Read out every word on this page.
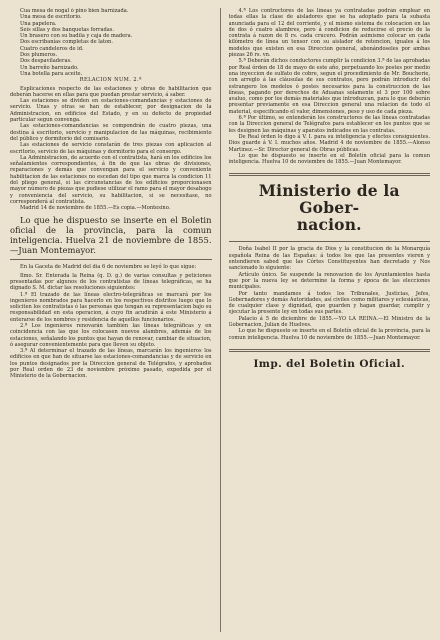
Cua mesa de nogal ó pino bien barnizada.
Una mesa de escritorio.
Una papelera.
Seis sillas y dos banquetas forradas.
Un brasero con su badila y caja de madera.
Dos escribanías completas de laton.
Cuatro candeleros de id.
Dos plumeros.
Dos despaviladeras.
Un barreño barnizado.
Una botella para aceite.

RELACION NUM. 2.ª

Esplicaciones respecto de las estaciones y obras de habilitacion que deberán hacerse en ellas para que puedan prestar servicio, á saber.

Las estaciones se dividen en estaciones-comandancias y estaciones de servicio. Unas y otras se han de establecer, por designacion de la Administracion, en edificios del Estado, y en su defecto de propiedad particular segun convenga.

Las estaciones-comandancias se compondrán de cuatro piezas, una destina á escritorio, servicio y manipulacion de las máquinas, recibimiento del público y dormitorio del comisario.

Las estaciones de servicio constarán de tres piezas con aplicacion al escritorio, servicio de las máquinas y dormitorio para el consergo.

La Administracion, de acuerdo con el contratista, hará en los edificios los señalamientos correspondientes, á fin de que las obras de divisiones, reparaciones y demás que convengan para el servicio y conveniente habilitacion de las estaciones no escedan del tipo que marca la condicion 11 del pliego general, si las circunstancias de los edificios proporcionasen mayor número de piezas que pudiese utilizar el ramo para el mayor desahogo y conveniencia del servicio, su habilitacion, si se necesitase, no corresponderá al contratista.

Madrid 14 de noviembre de 1855.—Es copia.—Montesino.

Lo que he dispuesto se inserte en el Boletin oficial de la provincia, para la comun inteligencia. Huelva 21 de noviembre de 1855.—Juan Montemayor.

En la Gaceta de Madrid del dia 6 de noviembre se leyó lo que sigue:

Ilmo. Sr. Enterada la Reina (q. D. g.) de varias consultas y peticiones presentadas por algunos de los contratistas de líneas telegráficas, se ha dignado S. M. dictar las resoluciones siguientes:

1.ª El trazado de las líneas electro-telegráficas se marcará por los ingenieros nombrados para hacerlo en los respectivos distritos luego que lo soliciten los contratistas ó las personas que tengan su representacion bajo su responsabilidad en esta operacion, á cuyo fin acudirán á este Ministerio á enterarse de los nombres y residencia de aquellos funcionarios.

2.ª Los ingenieros renovarán también las líneas telegráficas y en coincidencia con las que los colocasen nuevos alambres, además de los estaciones, señalando los puntos que hayan de renovar, cambiar de situacion, ó asegurar convenientemente para que lleven su objeto.

3.ª Al determinar el trazado de las líneas, marcarán los ingenieros los edificios en que han de situarse las estaciones-comandancias y de servicio en los puntos designados por la Direccion general de Telégrafos, y aprobados por Real orden de 23 de noviembre próximo pasado, expedida por el Ministerio de la Gobernacion.

4.ª Los contructores de las líneas ya contratadas podrán emplear en todas ellas la clase de aisladores que se ha adoptado para la subasta anunciada para el 12 del corriente, y el mismo sistema de colocacion en las de dos ó cuatro alambres, pero á condicion de reducirse el precio de la contrata á razon de 8 rs. cada crucero. Podrán asimismo colocar en cada kilómetro de línea un tensor con su aislador de retencion, iguales á los modelos que existen en esa Direccion general, abonándoseles por ambas piezas 26 rs. vn.

5.ª Deberán dichos conductores cumplir la condicion 3.ª de las aprobadas por Real órden de 18 de mayo de este año, perpetuando los postes por medio una inyeccion de sulfato de cobre, segun el procedimiento de Mr. Boucherie, con arreglo á las cláusulas de sus contratos, pero podrán introducir del estrangero los modelos ó postes necesarios para la construccion de las líneas, pagando por derechos de Aduanas solamente el 3 por 100 sobre avaluo, como por los demás materiales que introduzcan, para lo que deberán presentar previamente en esa Direccion general una relacion de todo el material, especificando el valor, dimensiones, peso y uso de cada pieza.

6.ª Por último, se entenderán los constructores de las líneas contratadas con la Direccion general de Telégrafos para establecer en los puntos que se les designen las máquinas y aparatos indicados en las contratas.

De Real órden lo digo á V. I. para su inteligencia y efectos consiguientes. Dios guarde á V. I. muchos años. Madrid 4 de noviembre de 1855.—Alonso Martinez.—Sr. Director general de Obras públicas.

Lo que he dispuesto se inserte en el Boletín oficial para la comun inteligencia. Huelva 10 de noviembre de 1855.—Juan Montemayor.

Ministerio de la Gober-
nacion.

Doña Isabel II por la gracia de Dios y la constitucion de la Monarquía española Reina de las Españas: á todos los que las presentes vieren y entendieren sabed que las Córtes Constituyentes han decretado y Nos sancionado lo siguiente:

Artículo único. Se suspende la renovacion de los Ayuntamientos hasta que por la nueva ley se determine la forma y época de las elecciones municipales.

Por tanto mandamos á todos los Tribunales, Justicias, Jefes, Gobernadores y demás Autoridades, así civiles como militares y eclesiásticas, de cualquier clase y dignidad, que guarden y hagan guardar, cumplir y ejecutar la presente ley en todas sus partes.

Palacio á 5 de diciembre de 1855.—YO LA REINA.—El Ministro de la Gobernacion, Julian de Huelves.

Lo que he dispuesto se inserte en el Boletín oficial de la provincia, para la comun inteligencia. Huelva 10 de noviembre de 1855.—Juan Montemayor.

Imp. del Boletin Oficial.
